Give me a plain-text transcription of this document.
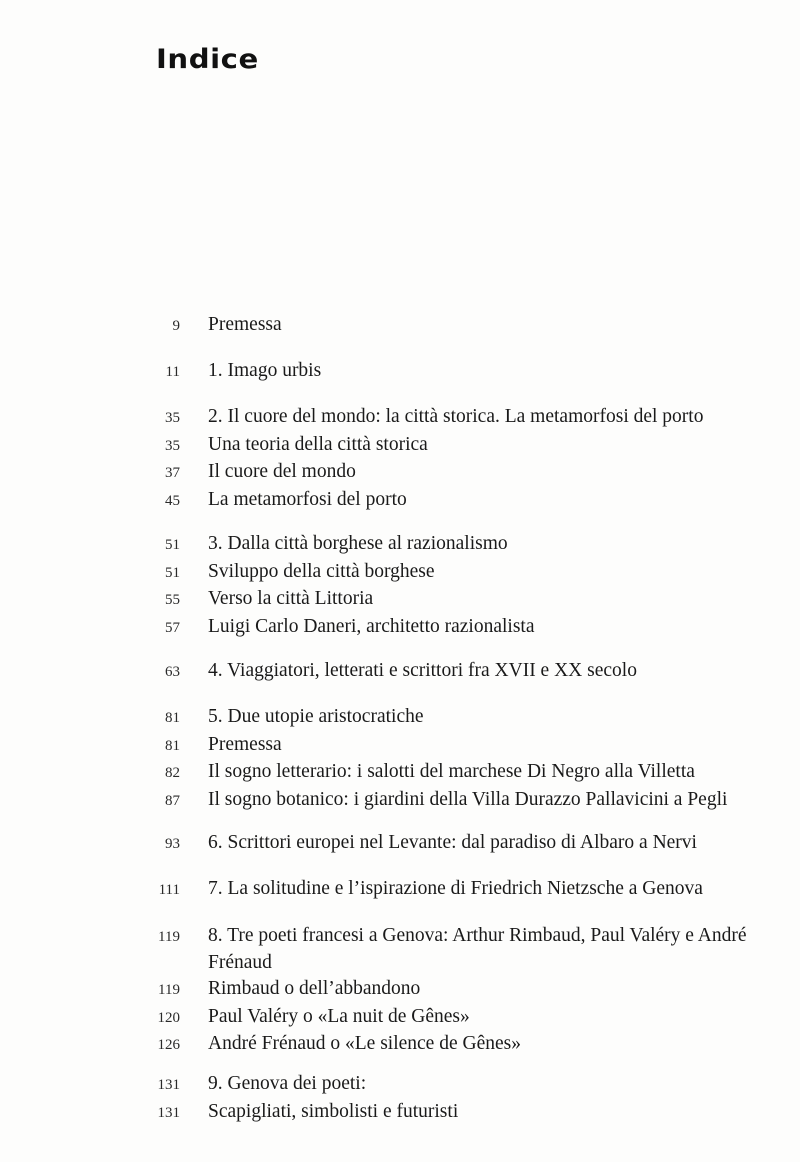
Indice
9	Premessa
11	1. Imago urbis
35	2. Il cuore del mondo: la città storica. La metamorfosi del porto
35	Una teoria della città storica
37	Il cuore del mondo
45	La metamorfosi del porto
51	3. Dalla città borghese al razionalismo
51	Sviluppo della città borghese
55	Verso la città Littoria
57	Luigi Carlo Daneri, architetto razionalista
63	4. Viaggiatori, letterati e scrittori fra XVII e XX secolo
81	5. Due utopie aristocratiche
81	Premessa
82	Il sogno letterario: i salotti del marchese Di Negro alla Villetta
87	Il sogno botanico: i giardini della Villa Durazzo Pallavicini a Pegli
93	6. Scrittori europei nel Levante: dal paradiso di Albaro a Nervi
111	7. La solitudine e l’ispirazione di Friedrich Nietzsche a Genova
119	8. Tre poeti francesi a Genova: Arthur Rimbaud, Paul Valéry e André Frénaud
119	Rimbaud o dell’abbandono
120	Paul Valéry o «La nuit de Gênes»
126	André Frénaud o «Le silence de Gênes»
131	9. Genova dei poeti:
131	Scapigliati, simbolisti e futuristi
